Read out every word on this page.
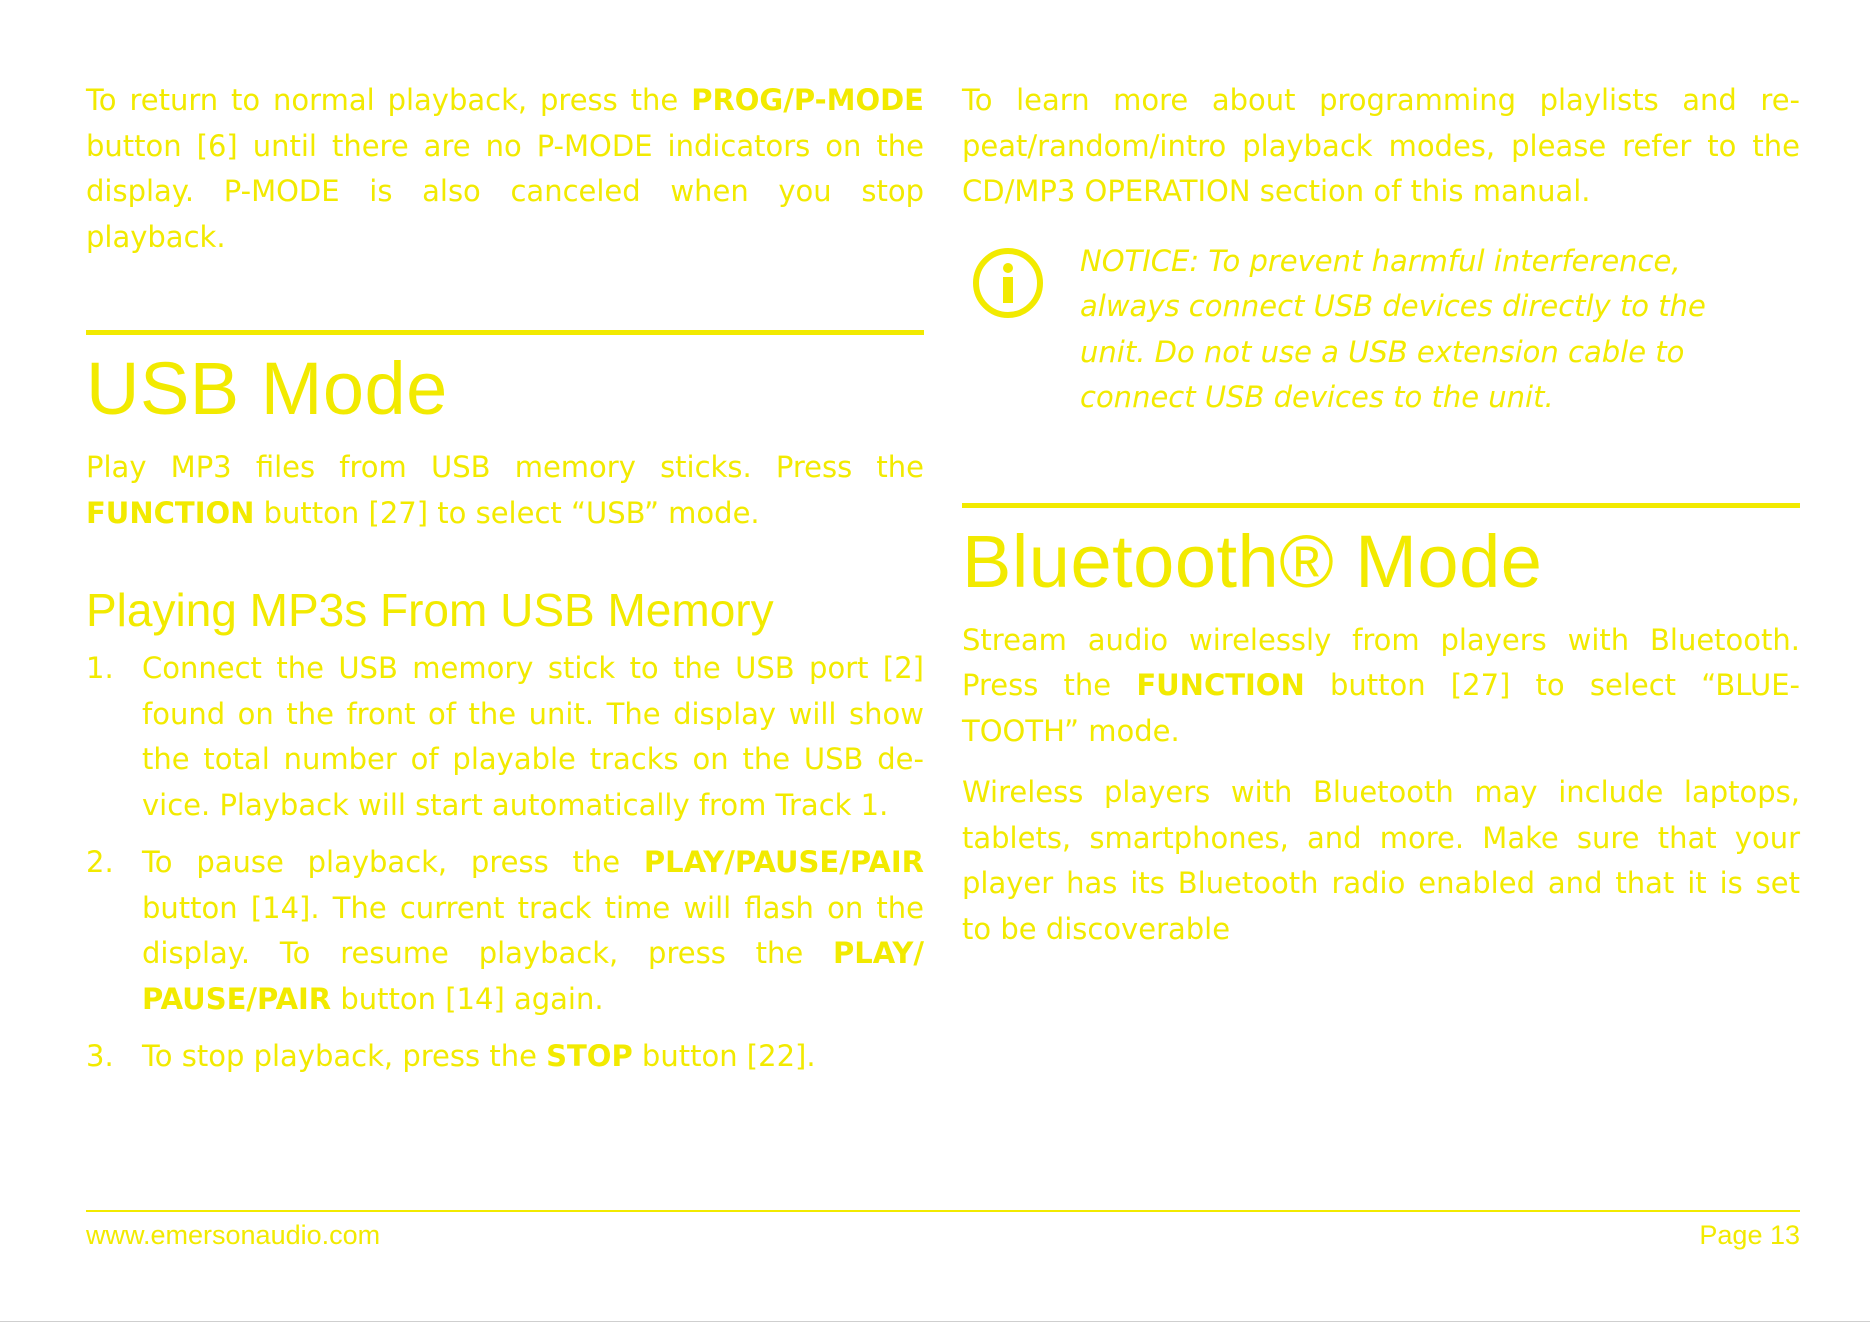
To return to normal playback, press the PROG/P-MODE button [6] until there are no P-MODE indicators on the display. P-MODE is also canceled when you stop playback.

USB Mode

Play MP3 files from USB memory sticks. Press the FUNCTION button [27] to select “USB” mode.

Playing MP3s From USB Memory
1. Connect the USB memory stick to the USB port [2] found on the front of the unit. The display will show the total number of playable tracks on the USB de-vice. Playback will start automatically from Track 1.
2. To pause playback, press the PLAY/PAUSE/PAIR button [14]. The current track time will flash on the display. To resume playback, press the PLAY/ PAUSE/PAIR button [14] again.
3. To stop playback, press the STOP button [22].

To learn more about programming playlists and re-peat/random/intro playback modes, please refer to the CD/MP3 OPERATION section of this manual.

NOTICE: To prevent harmful interference, always connect USB devices directly to the unit. Do not use a USB extension cable to connect USB devices to the unit.

Bluetooth® Mode

Stream audio wirelessly from players with Bluetooth. Press the FUNCTION button [27] to select “BLUE-TOOTH” mode.

Wireless players with Bluetooth may include laptops, tablets, smartphones, and more. Make sure that your player has its Bluetooth radio enabled and that it is set to be discoverable

www.emersonaudio.com	Page 13
